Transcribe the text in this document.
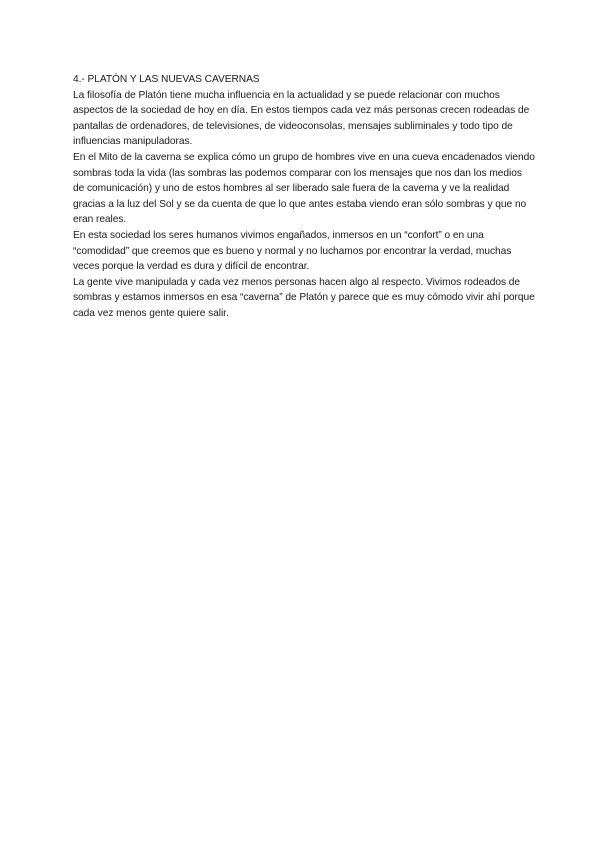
4.- PLATÓN Y LAS NUEVAS CAVERNAS

La filosofía de Platón tiene mucha influencia en la actualidad y se puede relacionar con muchos aspectos de la sociedad de hoy en día. En estos tiempos cada vez más personas crecen rodeadas de pantallas de ordenadores, de televisiones, de videoconsolas, mensajes subliminales y todo tipo de influencias manipuladoras.

En el Mito de la caverna se explica cómo un grupo de hombres vive en una cueva encadenados viendo sombras toda la vida (las sombras las podemos comparar con los mensajes que nos dan los medios de comunicación) y uno de estos hombres al ser liberado sale fuera de la caverna y ve la realidad gracias a la luz del Sol y se da cuenta de que lo que antes estaba viendo eran sólo sombras y que no eran reales.

En esta sociedad los seres humanos vivimos engañados, inmersos en un “confort” o en una “comodidad” que creemos que es bueno y normal y no luchamos por encontrar la verdad, muchas veces porque la verdad es dura y difícil de encontrar.

La gente vive manipulada y cada vez menos personas hacen algo al respecto. Vivimos rodeados de sombras y estamos inmersos en esa “caverna” de Platón y parece que es muy cómodo vivir ahí porque cada vez menos gente quiere salir.
